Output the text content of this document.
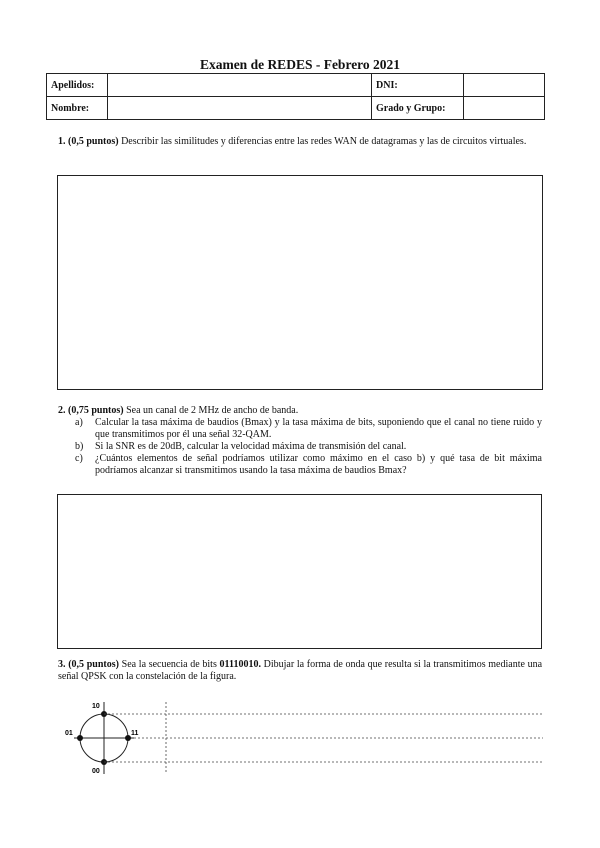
Examen de REDES - Febrero 2021
Apellidos:		DNI:	
Nombre:		Grado y Grupo:	
1. (0,5 puntos) Describir las similitudes y diferencias entre las redes WAN de datagramas y las de circuitos virtuales.
2. (0,75 puntos) Sea un canal de 2 MHz de ancho de banda.
a) Calcular la tasa máxima de baudios (Bmax) y la tasa máxima de bits, suponiendo que el canal no tiene ruido y que transmitimos por él una señal 32-QAM.
b) Si la SNR es de 20dB, calcular la velocidad máxima de transmisión del canal.
c) ¿Cuántos elementos de señal podríamos utilizar como máximo en el caso b) y qué tasa de bit máxima podríamos alcanzar si transmitimos usando la tasa máxima de baudios Bmax?
3. (0,5 puntos) Sea la secuencia de bits 01110010. Dibujar la forma de onda que resulta si la transmitimos mediante una señal QPSK con la constelación de la figura.
10
01	11
00
